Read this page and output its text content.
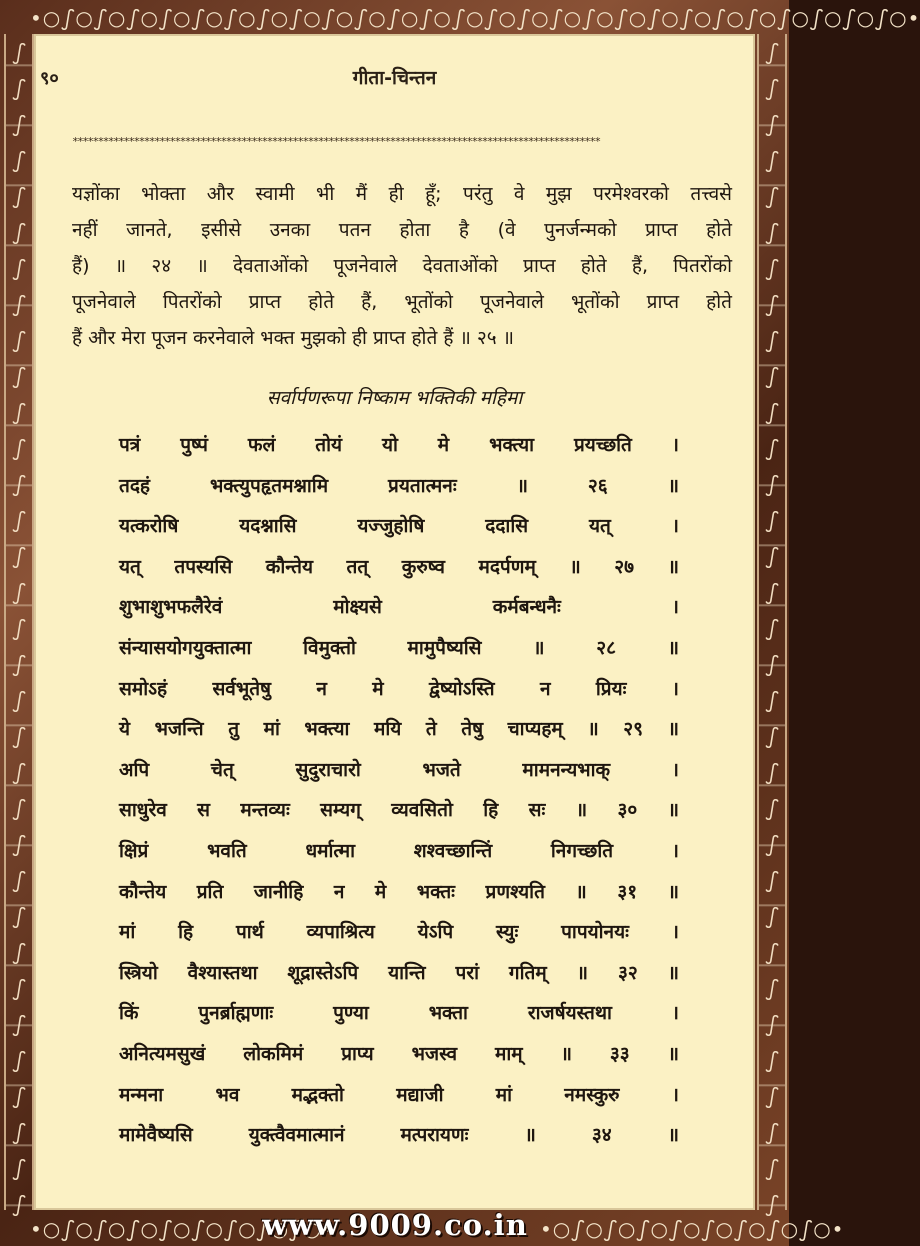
•○ഽ○ഽ○ഽ○ഽ○ഽ○ഽ○ഽ○ഽ○ഽ○ഽ○ഽ○ഽ○ഽ○ഽ○ഽ○ഽ○ഽ○ഽ○ഽ○ഽ○ഽ○ഽ○ഽ○ഽ○ഽ○ഽ○•
ഽ
ഽ
ഽ
ഽ
ഽ
ഽ
ഽ
ഽ
ഽ
ഽ
ഽ
ഽ
ഽ
ഽ
ഽ
ഽ
ഽ
ഽ
ഽ
ഽ
ഽ
ഽ
ഽ
ഽ
ഽ
ഽ
ഽ
ഽ
ഽ
ഽ
ഽ
ഽ
ഽ
ഽ
ഽ
ഽ
ഽ
ഽ
ഽ
ഽ
ഽ
ഽ
ഽ
ഽ
ഽ
ഽ
ഽ
ഽ
ഽ
ഽ
ഽ
ഽ
ഽ
ഽ
ഽ
ഽ
ഽ
ഽ
ഽ
ഽ
ഽ
ഽ
ഽ
ഽ
ഽ
ഽ
•○ഽ○ഽ○ഽ○ഽ○ഽ○ഽ○ഽ○ഽ○•	•○ഽ○ഽ○ഽ○ഽ○ഽ○ഽ○ഽ○ഽ○•
९०	गीता-चिन्तन
*******************************************************************************************************
यज्ञोंका भोक्ता और स्वामी भी मैं ही हूँ; परंतु वे मुझ परमेश्वरको तत्त्वसे
नहीं जानते, इसीसे उनका पतन होता है (वे पुनर्जन्मको प्राप्त होते
हैं) ॥ २४ ॥ देवताओंको पूजनेवाले देवताओंको प्राप्त होते हैं, पितरोंको
पूजनेवाले पितरोंको प्राप्त होते हैं, भूतोंको पूजनेवाले भूतोंको प्राप्त होते
हैं और मेरा पूजन करनेवाले भक्त मुझको ही प्राप्त होते हैं ॥ २५ ॥
सर्वार्पणरूपा निष्काम भक्तिकी महिमा
पत्रं पुष्पं फलं तोयं यो मे भक्त्या प्रयच्छति ।
तदहं भक्त्युपहृतमश्नामि प्रयतात्मनः ॥ २६ ॥
यत्करोषि यदश्नासि यज्जुहोषि ददासि यत् ।
यत् तपस्यसि कौन्तेय तत् कुरुष्व मदर्पणम् ॥ २७ ॥
शुभाशुभफलैरेवं मोक्ष्यसे कर्मबन्धनैः ।
संन्यासयोगयुक्तात्मा विमुक्तो मामुपैष्यसि ॥ २८ ॥
समोऽहं सर्वभूतेषु न मे द्वेष्योऽस्ति न प्रियः ।
ये भजन्ति तु मां भक्त्या मयि ते तेषु चाप्यहम् ॥ २९ ॥
अपि चेत् सुदुराचारो भजते मामनन्यभाक् ।
साधुरेव स मन्तव्यः सम्यग् व्यवसितो हि सः ॥ ३० ॥
क्षिप्रं भवति धर्मात्मा शश्वच्छान्तिं निगच्छति ।
कौन्तेय प्रति जानीहि न मे भक्तः प्रणश्यति ॥ ३१ ॥
मां हि पार्थ व्यपाश्रित्य येऽपि स्युः पापयोनयः ।
स्त्रियो वैश्यास्तथा शूद्रास्तेऽपि यान्ति परां गतिम् ॥ ३२ ॥
किं पुनर्ब्राह्मणाः पुण्या भक्ता राजर्षयस्तथा ।
अनित्यमसुखं लोकमिमं प्राप्य भजस्व माम् ॥ ३३ ॥
मन्मना भव मद्भक्तो मद्याजी मां नमस्कुरु ।
मामेवैष्यसि युक्त्वैवमात्मानं मत्परायणः ॥ ३४ ॥
www.9009.co.in
